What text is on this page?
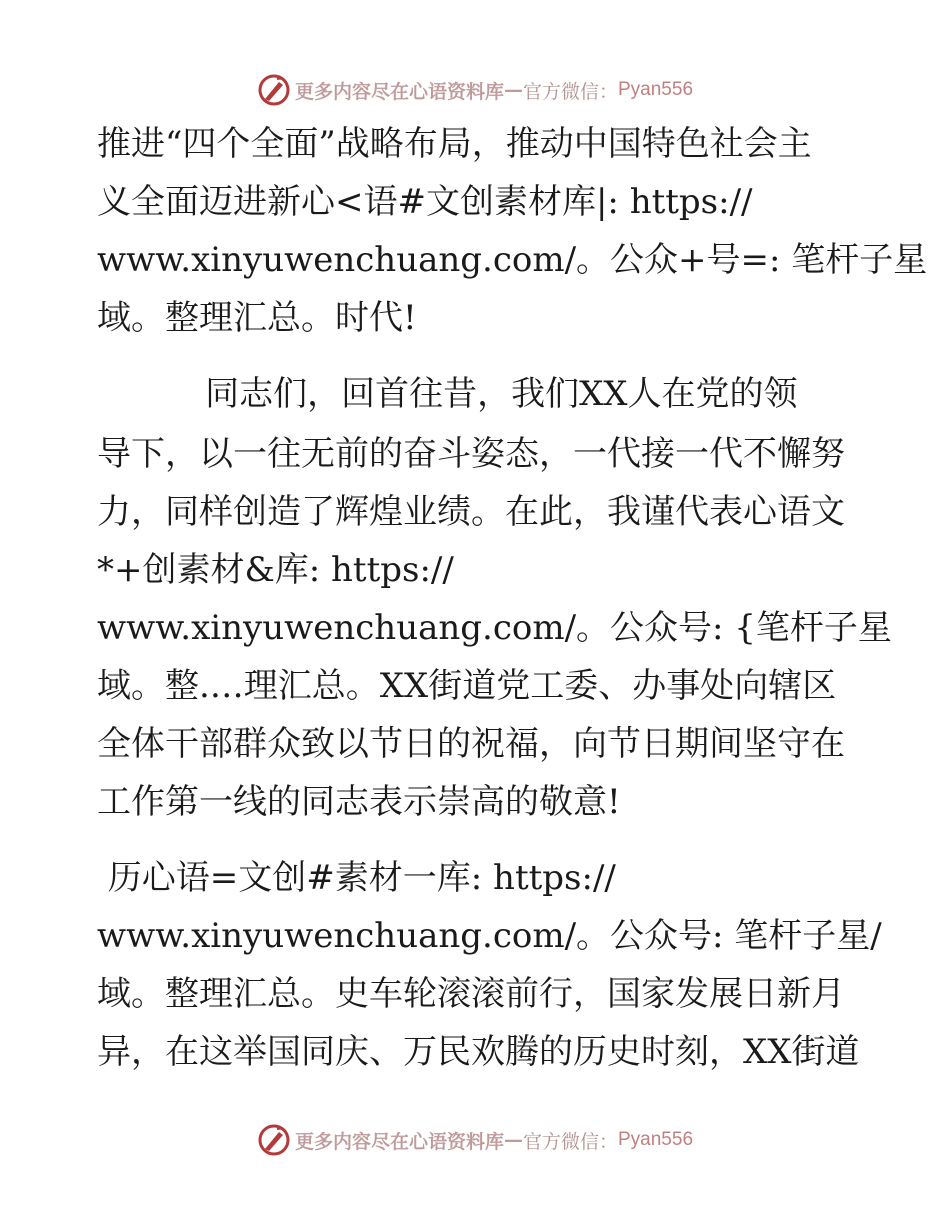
更多内容尽在心语资料库 — 官方微信： Pyan556
推进“四个全面”战略布局，推动中国特色社会主
义全面迈进新心<语#文创素材库|: https://
www.xinyuwenchuang.com/。公众+号=: 笔杆子星
域。整理汇总。时代!
同志们，回首往昔，我们XX人在党的领
导下，以一往无前的奋斗姿态，一代接一代不懈努
力，同样创造了辉煌业绩。在此，我谨代表心语文
*+创素材&库: https://
www.xinyuwenchuang.com/。公众号: {笔杆子星
域。整.…理汇总。XX街道党工委、办事处向辖区
全体干部群众致以节日的祝福，向节日期间坚守在
工作第一线的同志表示崇高的敬意!
历心语=文创#素材一库: https://
www.xinyuwenchuang.com/。公众号: 笔杆子星/
域。整理汇总。史车轮滚滚前行，国家发展日新月
异，在这举国同庆、万民欢腾的历史时刻，XX街道
更多内容尽在心语资料库 — 官方微信： Pyan556
